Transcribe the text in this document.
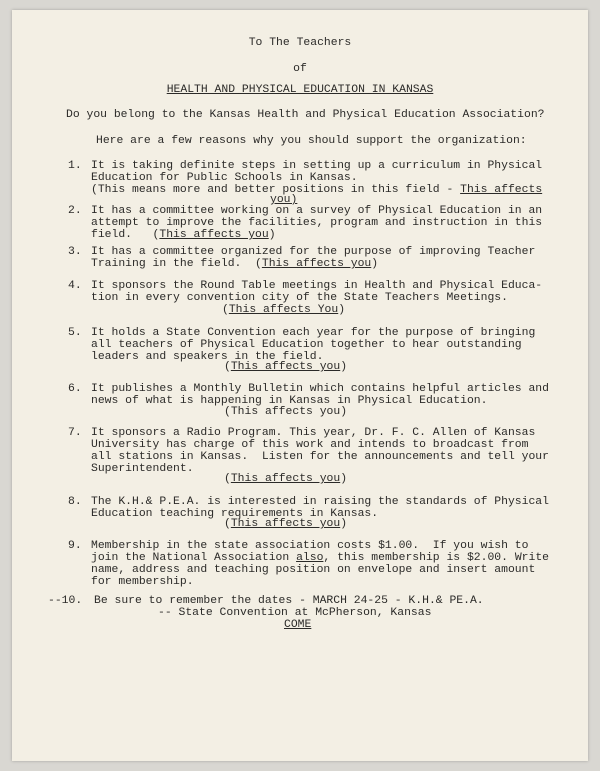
To The Teachers
of
HEALTH AND PHYSICAL EDUCATION IN KANSAS
Do you belong to the Kansas Health and Physical Education Association?
Here are a few reasons why you should support the organization:
1. It is taking definite steps in setting up a curriculum in Physical
Education for Public Schools in Kansas.
(This means more and better positions in this field - This affects
you)
2. It has a committee working on a survey of Physical Education in an
attempt to improve the facilities, program and instruction in this
field.   (This affects you)
3. It has a committee organized for the purpose of improving Teacher
Training in the field.  (This affects you)
4. It sponsors the Round Table meetings in Health and Physical Educa-
tion in every convention city of the State Teachers Meetings.
(This affects You)
5. It holds a State Convention each year for the purpose of bringing
all teachers of Physical Education together to hear outstanding
leaders and speakers in the field.
(This affects you)
6. It publishes a Monthly Bulletin which contains helpful articles and
news of what is happening in Kansas in Physical Education.
(This affects you)
7. It sponsors a Radio Program. This year, Dr. F. C. Allen of Kansas
University has charge of this work and intends to broadcast from
all stations in Kansas.  Listen for the announcements and tell your
Superintendent.
(This affects you)
8. The K.H.& P.E.A. is interested in raising the standards of Physical
Education teaching requirements in Kansas.
(This affects you)
9. Membership in the state association costs $1.00.  If you wish to
join the National Association also, this membership is $2.00. Write
name, address and teaching position on envelope and insert amount
for membership.
--10. Be sure to remember the dates - MARCH 24-25 - K.H.& PE.A.
-- State Convention at McPherson, Kansas
COME
